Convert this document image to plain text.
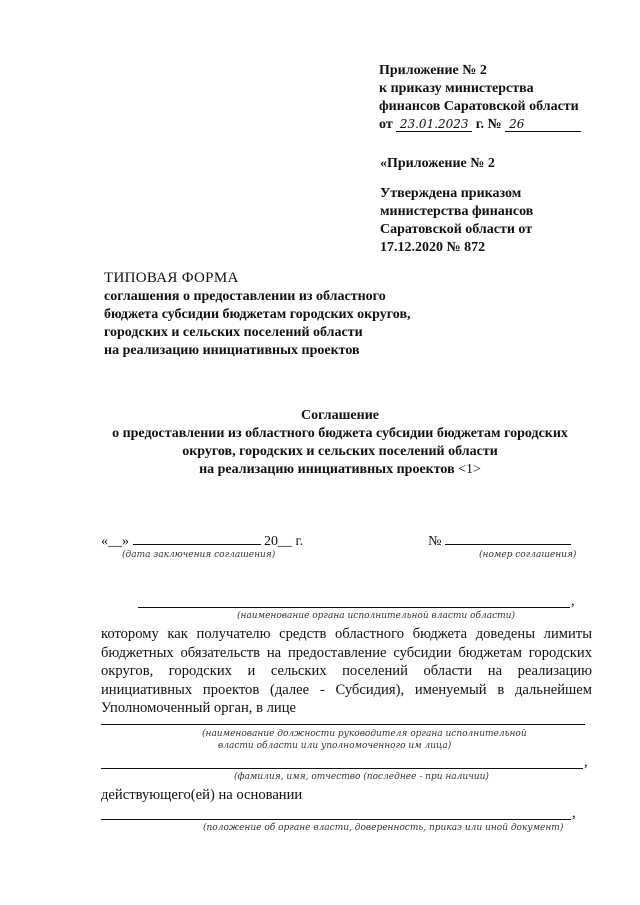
Приложение № 2
к приказу министерства
финансов Саратовской области
от 23.01.2023 г. № 26
«Приложение № 2
Утверждена приказом
министерства финансов
Саратовской области от
17.12.2020 № 872
ТИПОВАЯ ФОРМА
соглашения о предоставлении из областного
бюджета субсидии бюджетам городских округов,
городских и сельских поселений области
на реализацию инициативных проектов
Соглашение
о предоставлении из областного бюджета субсидии бюджетам городских
округов, городских и сельских поселений области
на реализацию инициативных проектов <1>
«__»	20__ г.	№
(дата заключения соглашения)	(номер соглашения)
,
(наименование органа исполнительной власти области)

которому как получателю средств областного бюджета доведены лимиты бюджетных обязательств на предоставление субсидии бюджетам городских округов, городских и сельских поселений области на реализацию инициативных проектов (далее - Субсидия), именуемый в дальнейшем Уполномоченный орган, в лице

(наименование должности руководителя органа исполнительной
власти области или уполномоченного им лица)
,
(фамилия, имя, отчество (последнее - при наличии)
действующего(ей) на основании
,
(положение об органе власти, доверенность, приказ или иной документ)
